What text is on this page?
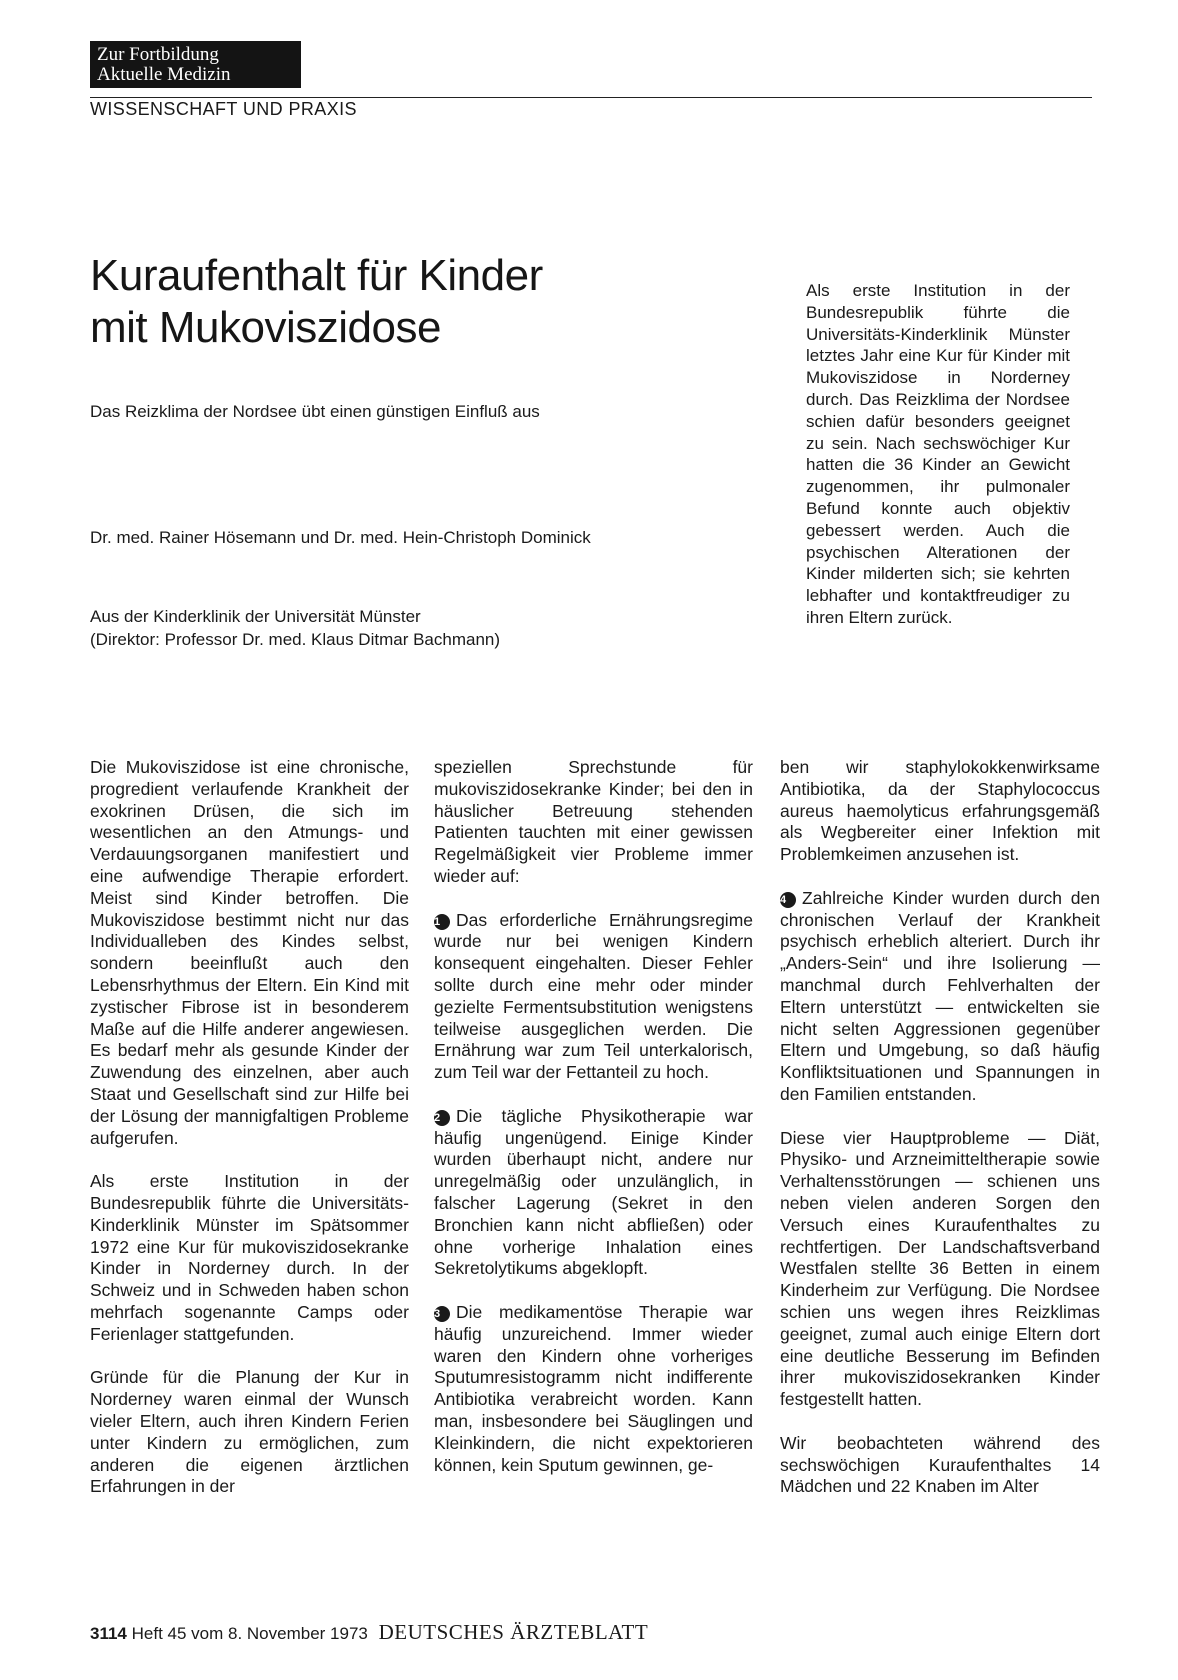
Zur Fortbildung
Aktuelle Medizin
WISSENSCHAFT UND PRAXIS
Kuraufenthalt für Kinder
mit Mukoviszidose
Das Reizklima der Nordsee übt einen günstigen Einfluß aus
Dr. med. Rainer Hösemann und Dr. med. Hein-Christoph Dominick
Aus der Kinderklinik der Universität Münster
(Direktor: Professor Dr. med. Klaus Ditmar Bachmann)

Als erste Institution in der Bundesrepublik führte die Universitäts-Kinderklinik Münster letztes Jahr eine Kur für Kinder mit Mukoviszidose in Norderney durch. Das Reizklima der Nordsee schien dafür besonders geeignet zu sein. Nach sechswöchiger Kur hatten die 36 Kinder an Gewicht zugenommen, ihr pulmonaler Befund konnte auch objektiv gebessert werden. Auch die psychischen Alterationen der Kinder milderten sich; sie kehrten lebhafter und kontaktfreudiger zu ihren Eltern zurück.

Die Mukoviszidose ist eine chronische, progredient verlaufende Krankheit der exokrinen Drüsen, die sich im wesentlichen an den Atmungs- und Verdauungsorganen manifestiert und eine aufwendige Therapie erfordert. Meist sind Kinder betroffen. Die Mukoviszidose bestimmt nicht nur das Individualleben des Kindes selbst, sondern beeinflußt auch den Lebensrhythmus der Eltern. Ein Kind mit zystischer Fibrose ist in besonderem Maße auf die Hilfe anderer angewiesen. Es bedarf mehr als gesunde Kinder der Zuwendung des einzelnen, aber auch Staat und Gesellschaft sind zur Hilfe bei der Lösung der mannigfaltigen Probleme aufgerufen.

Als erste Institution in der Bundesrepublik führte die Universitäts-Kinderklinik Münster im Spätsommer 1972 eine Kur für mukoviszidosekranke Kinder in Norderney durch. In der Schweiz und in Schweden haben schon mehrfach sogenannte Camps oder Ferienlager stattgefunden.

Gründe für die Planung der Kur in Norderney waren einmal der Wunsch vieler Eltern, auch ihren Kindern Ferien unter Kindern zu ermöglichen, zum anderen die eigenen ärztlichen Erfahrungen in der

speziellen Sprechstunde für mukoviszidosekranke Kinder; bei den in häuslicher Betreuung stehenden Patienten tauchten mit einer gewissen Regelmäßigkeit vier Probleme immer wieder auf:

1 Das erforderliche Ernährungsregime wurde nur bei wenigen Kindern konsequent eingehalten. Dieser Fehler sollte durch eine mehr oder minder gezielte Fermentsubstitution wenigstens teilweise ausgeglichen werden. Die Ernährung war zum Teil unterkalorisch, zum Teil war der Fettanteil zu hoch.

2 Die tägliche Physikotherapie war häufig ungenügend. Einige Kinder wurden überhaupt nicht, andere nur unregelmäßig oder unzulänglich, in falscher Lagerung (Sekret in den Bronchien kann nicht abfließen) oder ohne vorherige Inhalation eines Sekretolytikums abgeklopft.

3 Die medikamentöse Therapie war häufig unzureichend. Immer wieder waren den Kindern ohne vorheriges Sputumresistogramm nicht indifferente Antibiotika verabreicht worden. Kann man, insbesondere bei Säuglingen und Kleinkindern, die nicht expektorieren können, kein Sputum gewinnen, ge-

ben wir staphylokokkenwirksame Antibiotika, da der Staphylococcus aureus haemolyticus erfahrungsgemäß als Wegbereiter einer Infektion mit Problemkeimen anzusehen ist.

4 Zahlreiche Kinder wurden durch den chronischen Verlauf der Krankheit psychisch erheblich alteriert. Durch ihr „Anders-Sein“ und ihre Isolierung — manchmal durch Fehlverhalten der Eltern unterstützt — entwickelten sie nicht selten Aggressionen gegenüber Eltern und Umgebung, so daß häufig Konfliktsituationen und Spannungen in den Familien entstanden.

Diese vier Hauptprobleme — Diät, Physiko- und Arzneimitteltherapie sowie Verhaltensstörungen — schienen uns neben vielen anderen Sorgen den Versuch eines Kuraufenthaltes zu rechtfertigen. Der Landschaftsverband Westfalen stellte 36 Betten in einem Kinderheim zur Verfügung. Die Nordsee schien uns wegen ihres Reizklimas geeignet, zumal auch einige Eltern dort eine deutliche Besserung im Befinden ihrer mukoviszidosekranken Kinder festgestellt hatten.

Wir beobachteten während des sechswöchigen Kuraufenthaltes 14 Mädchen und 22 Knaben im Alter

3114 Heft 45 vom 8. November 1973 DEUTSCHES ÄRZTEBLATT
